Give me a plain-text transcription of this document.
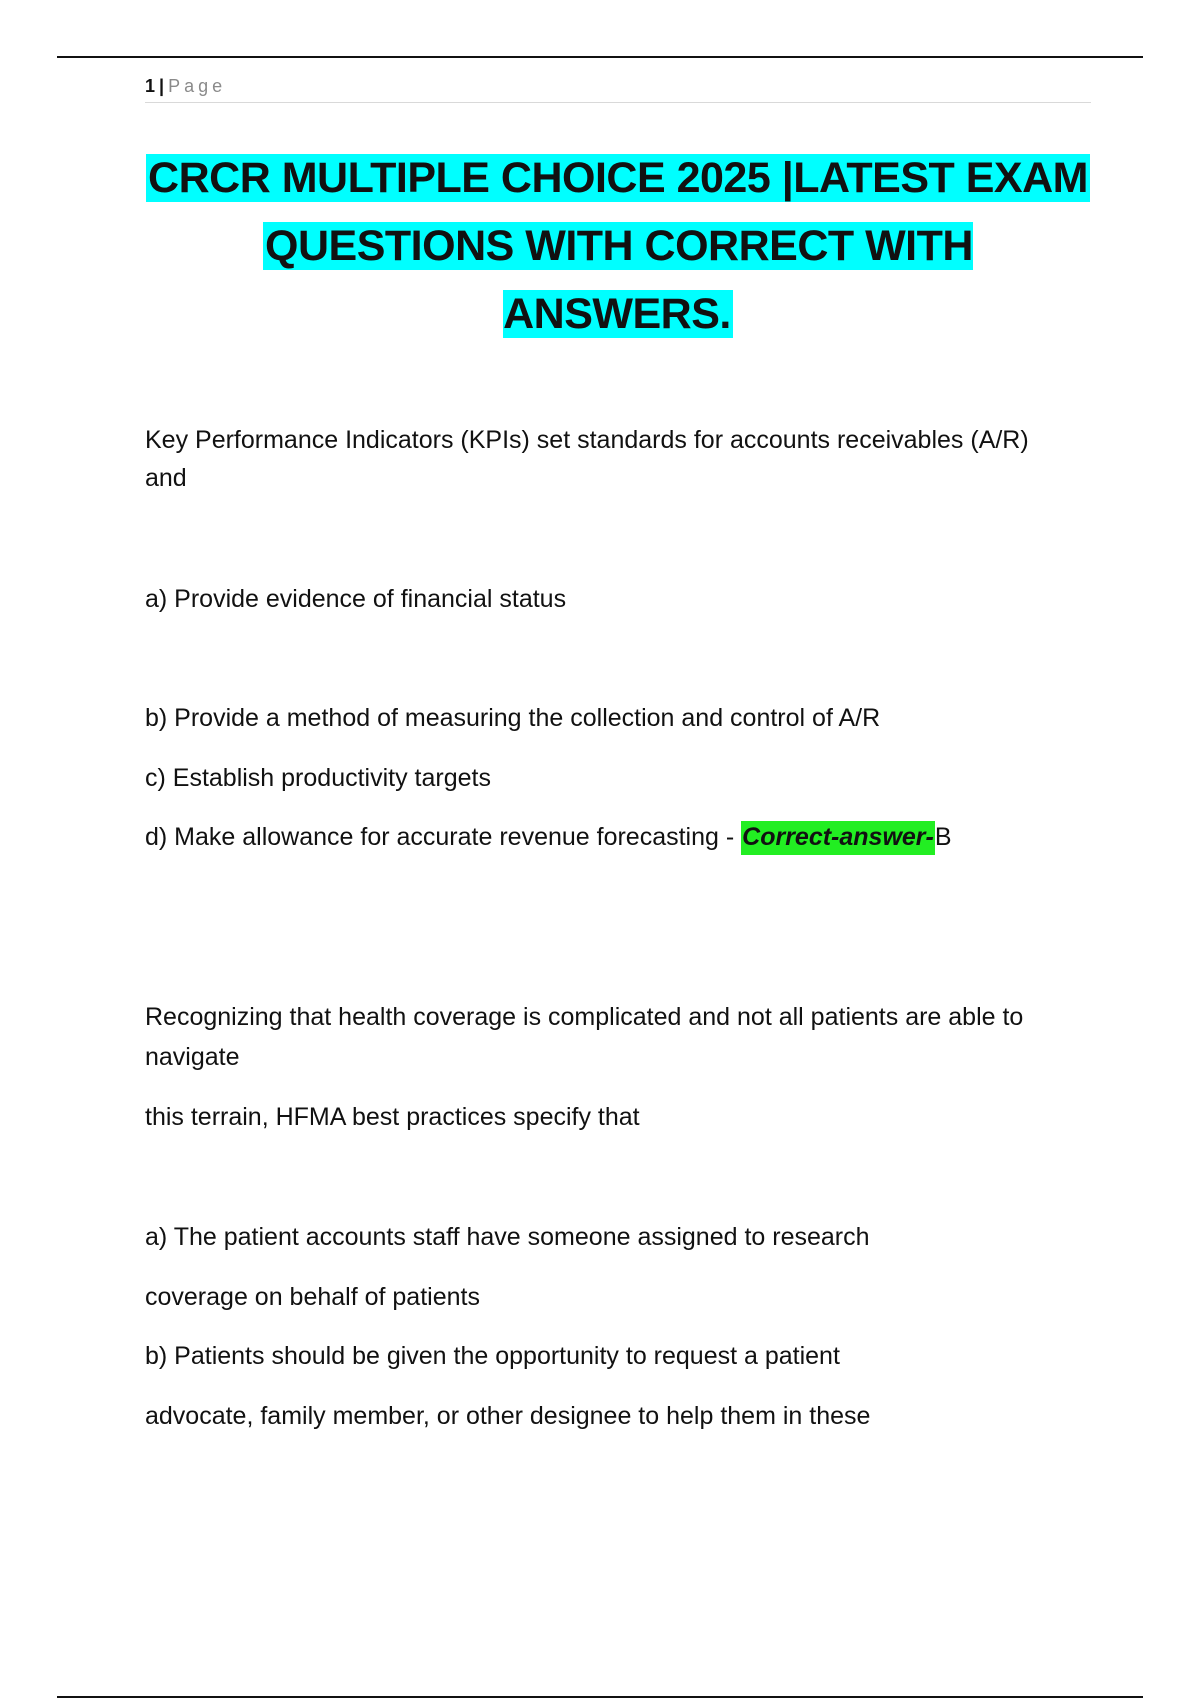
1 | Page
CRCR MULTIPLE CHOICE 2025 |LATEST EXAM
QUESTIONS WITH CORRECT WITH ANSWERS.
Key Performance Indicators (KPIs) set standards for accounts receivables (A/R)
and
a) Provide evidence of financial status
b) Provide a method of measuring the collection and control of A/R
c) Establish productivity targets
d) Make allowance for accurate revenue forecasting - Correct-answer-B
Recognizing that health coverage is complicated and not all patients are able to
navigate
this terrain, HFMA best practices specify that
a) The patient accounts staff have someone assigned to research
coverage on behalf of patients
b) Patients should be given the opportunity to request a patient
advocate, family member, or other designee to help them in these
